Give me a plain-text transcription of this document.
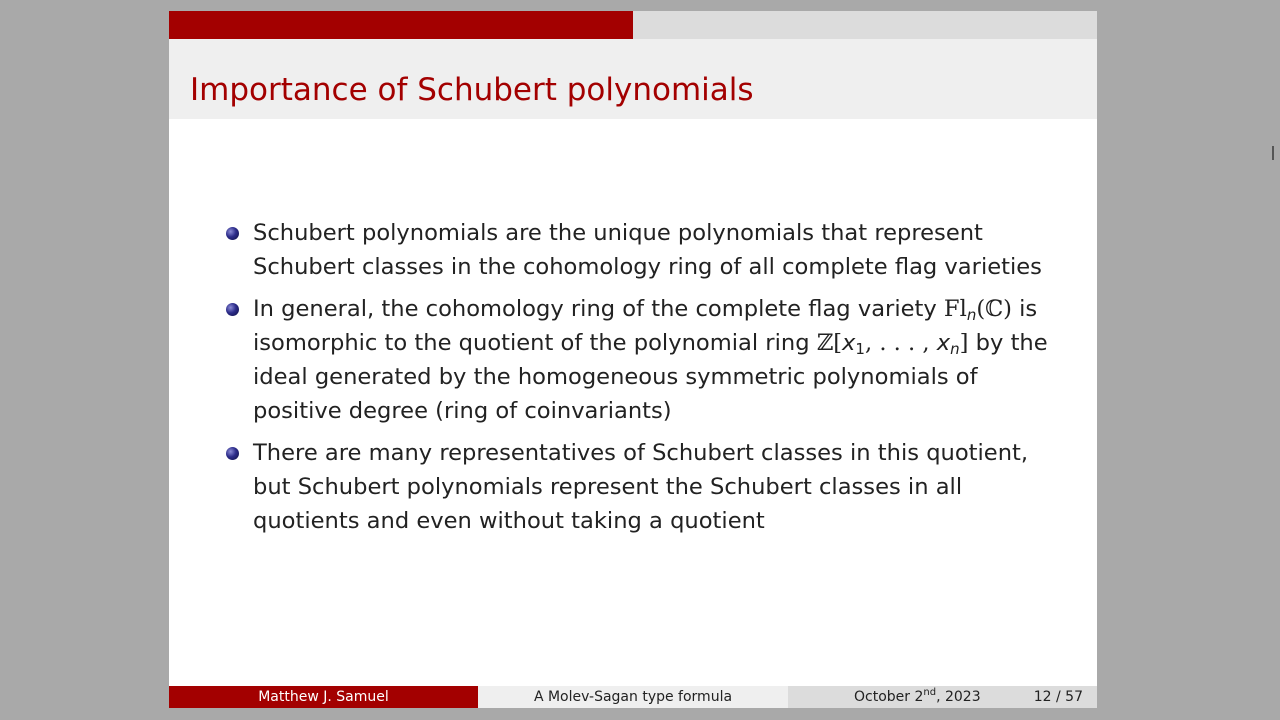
Importance of Schubert polynomials
Schubert polynomials are the unique polynomials that represent
Schubert classes in the cohomology ring of all complete flag varieties
In general, the cohomology ring of the complete flag variety $Fl_n(ℂ)$ is
isomorphic to the quotient of the polynomial ring $ℤ[x_1$, . . . , $x_n$] by the
ideal generated by the homogeneous symmetric polynomials of
positive degree (ring of coinvariants)
There are many representatives of Schubert classes in this quotient,
but Schubert polynomials represent the Schubert classes in all
quotients and even without taking a quotient
Matthew J. Samuel	A Molev-Sagan type formula	October 2nd, 2023	12 / 57
